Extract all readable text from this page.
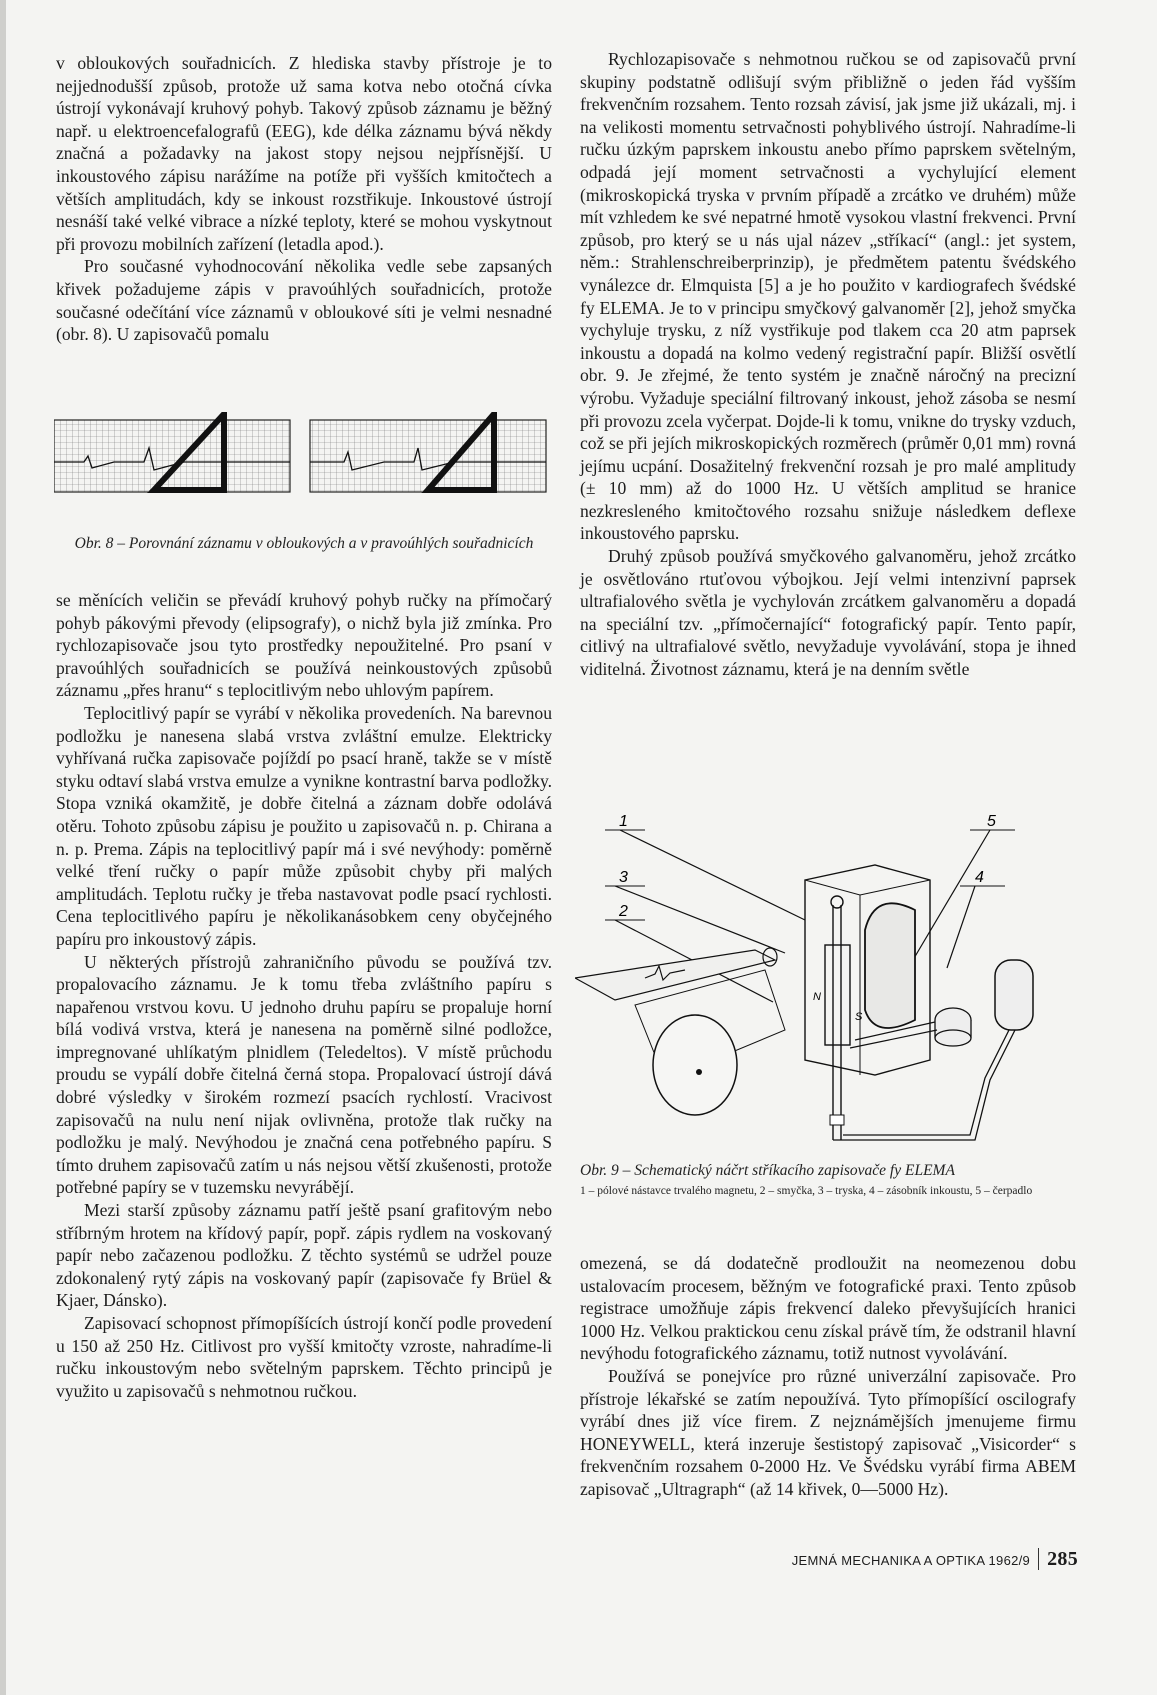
v obloukových souřadnicích. Z hlediska stavby přístroje je to nejjednodušší způsob, protože už sama kotva nebo otočná cívka ústrojí vykonávají kruhový pohyb. Takový způsob záznamu je běžný např. u elektroencefalografů (EEG), kde délka záznamu bývá někdy značná a požadavky na jakost stopy nejsou nejpřísnější. U inkoustového zápisu narážíme na potíže při vyšších kmitočtech a větších amplitudách, kdy se inkoust rozstřikuje. Inkoustové ústrojí nesnáší také velké vibrace a nízké teploty, které se mohou vyskytnout při provozu mobilních zařízení (letadla apod.).

Pro současné vyhodnocování několika vedle sebe zapsaných křivek požadujeme zápis v pravoúhlých souřadnicích, protože současné odečítání více záznamů v obloukové síti je velmi nesnadné (obr. 8). U zapisovačů pomalu

Obr. 8 – Porovnání záznamu v obloukových a v pravoúhlých souřadnicích

se měnících veličin se převádí kruhový pohyb ručky na přímočarý pohyb pákovými převody (elipsografy), o nichž byla již zmínka. Pro rychlozapisovače jsou tyto prostředky nepoužitelné. Pro psaní v pravoúhlých souřadnicích se používá neinkoustových způsobů záznamu „přes hranu“ s teplocitlivým nebo uhlovým papírem.

Teplocitlivý papír se vyrábí v několika provedeních. Na barevnou podložku je nanesena slabá vrstva zvláštní emulze. Elektricky vyhřívaná ručka zapisovače pojíždí po psací hraně, takže se v místě styku odtaví slabá vrstva emulze a vynikne kontrastní barva podložky. Stopa vzniká okamžitě, je dobře čitelná a záznam dobře odolává otěru. Tohoto způsobu zápisu je použito u zapisovačů n. p. Chirana a n. p. Prema. Zápis na teplocitlivý papír má i své nevýhody: poměrně velké tření ručky o papír může způsobit chyby při malých amplitudách. Teplotu ručky je třeba nastavovat podle psací rychlosti. Cena teplocitlivého papíru je několikanásobkem ceny obyčejného papíru pro inkoustový zápis.

U některých přístrojů zahraničního původu se používá tzv. propalovacího záznamu. Je k tomu třeba zvláštního papíru s napařenou vrstvou kovu. U jednoho druhu papíru se propaluje horní bílá vodivá vrstva, která je nanesena na poměrně silné podložce, impregnované uhlíkatým plnidlem (Teledeltos). V místě průchodu proudu se vypálí dobře čitelná černá stopa. Propalovací ústrojí dává dobré výsledky v širokém rozmezí psacích rychlostí. Vracivost zapisovačů na nulu není nijak ovlivněna, protože tlak ručky na podložku je malý. Nevýhodou je značná cena potřebného papíru. S tímto druhem zapisovačů zatím u nás nejsou větší zkušenosti, protože potřebné papíry se v tuzemsku nevyrábějí.

Mezi starší způsoby záznamu patří ještě psaní grafitovým nebo stříbrným hrotem na křídový papír, popř. zápis rydlem na voskovaný papír nebo začazenou podložku. Z těchto systémů se udržel pouze zdokonalený rytý zápis na voskovaný papír (zapisovače fy Brüel & Kjaer, Dánsko).

Zapisovací schopnost přímopíšících ústrojí končí podle provedení u 150 až 250 Hz. Citlivost pro vyšší kmitočty vzroste, nahradíme-li ručku inkoustovým nebo světelným paprskem. Těchto principů je využito u zapisovačů s nehmotnou ručkou.

Rychlozapisovače s nehmotnou ručkou se od zapisovačů první skupiny podstatně odlišují svým přibližně o jeden řád vyšším frekvenčním rozsahem. Tento rozsah závisí, jak jsme již ukázali, mj. i na velikosti momentu setrvačnosti pohyblivého ústrojí. Nahradíme-li ručku úzkým paprskem inkoustu anebo přímo paprskem světelným, odpadá její moment setrvačnosti a vychylující element (mikroskopická tryska v prvním případě a zrcátko ve druhém) může mít vzhledem ke své nepatrné hmotě vysokou vlastní frekvenci. První způsob, pro který se u nás ujal název „stříkací“ (angl.: jet system, něm.: Strahlenschreiberprinzip), je předmětem patentu švédského vynálezce dr. Elmquista [5] a je ho použito v kardiografech švédské fy ELEMA. Je to v principu smyčkový galvanoměr [2], jehož smyčka vychyluje trysku, z níž vystřikuje pod tlakem cca 20 atm paprsek inkoustu a dopadá na kolmo vedený registrační papír. Bližší osvětlí obr. 9. Je zřejmé, že tento systém je značně náročný na precizní výrobu. Vyžaduje speciální filtrovaný inkoust, jehož zásoba se nesmí při provozu zcela vyčerpat. Dojde-li k tomu, vnikne do trysky vzduch, což se při jejích mikroskopických rozměrech (průměr 0,01 mm) rovná jejímu ucpání. Dosažitelný frekvenční rozsah je pro malé amplitudy (± 10 mm) až do 1000 Hz. U větších amplitud se hranice nezkresleného kmitočtového rozsahu snižuje následkem deflexe inkoustového paprsku.

Druhý způsob používá smyčkového galvanoměru, jehož zrcátko je osvětlováno rtuťovou výbojkou. Její velmi intenzivní paprsek ultrafialového světla je vychylován zrcátkem galvanoměru a dopadá na speciální tzv. „přímočernající“ fotografický papír. Tento papír, citlivý na ultrafialové světlo, nevyžaduje vyvolávání, stopa je ihned viditelná. Životnost záznamu, která je na denním světle

1
3
2
5
4
N
S
Obr. 9 – Schematický náčrt stříkacího zapisovače fy ELEMA
1 – pólové nástavce trvalého magnetu, 2 – smyčka, 3 – tryska, 4 – zásobník inkoustu, 5 – čerpadlo

omezená, se dá dodatečně prodloužit na neomezenou dobu ustalovacím procesem, běžným ve fotografické praxi. Tento způsob registrace umožňuje zápis frekvencí daleko převyšujících hranici 1000 Hz. Velkou praktickou cenu získal právě tím, že odstranil hlavní nevýhodu fotografického záznamu, totiž nutnost vyvolávání.

Používá se ponejvíce pro různé univerzální zapisovače. Pro přístroje lékařské se zatím nepoužívá. Tyto přímopíšící oscilografy vyrábí dnes již více firem. Z nejznámějších jmenujeme firmu HONEYWELL, která inzeruje šestistopý zapisovač „Visicorder“ s frekvenčním rozsahem 0-2000 Hz. Ve Švédsku vyrábí firma ABEM zapisovač „Ultragraph“ (až 14 křivek, 0—5000 Hz).

JEMNÁ MECHANIKA A OPTIKA 1962/9 285
